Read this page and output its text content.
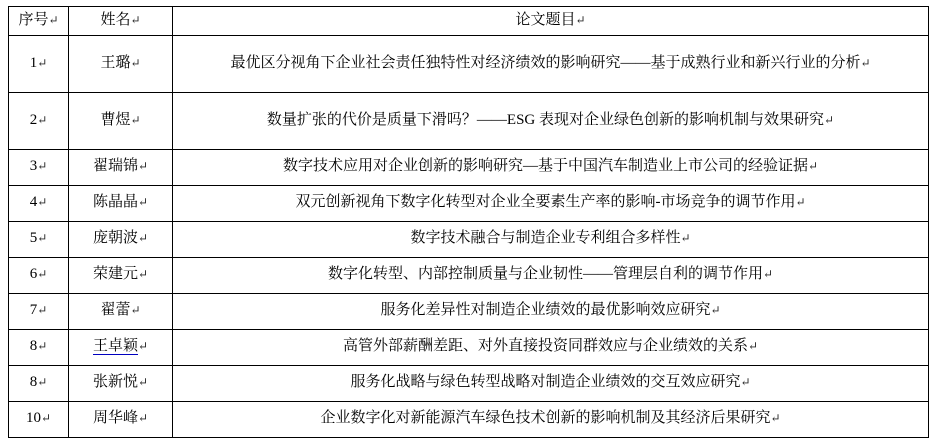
序号↵	姓名↵	论文题目↵
1↵	王璐↵	最优区分视角下企业社会责任独特性对经济绩效的影响研究——基于成熟行业和新兴行业的分析↵
2↵	曹煜↵	数量扩张的代价是质量下滑吗？——ESG 表现对企业绿色创新的影响机制与效果研究↵
3↵	翟瑞锦↵	数字技术应用对企业创新的影响研究—基于中国汽车制造业上市公司的经验证据↵
4↵	陈晶晶↵	双元创新视角下数字化转型对企业全要素生产率的影响-市场竞争的调节作用↵
5↵	庞朝波↵	数字技术融合与制造企业专利组合多样性↵
6↵	荣建元↵	数字化转型、内部控制质量与企业韧性——管理层自利的调节作用↵
7↵	翟蕾↵	服务化差异性对制造企业绩效的最优影响效应研究↵
8↵	王卓颖↵	高管外部薪酬差距、对外直接投资同群效应与企业绩效的关系↵
8↵	张新悦↵	服务化战略与绿色转型战略对制造企业绩效的交互效应研究↵
10↵	周华峰↵	企业数字化对新能源汽车绿色技术创新的影响机制及其经济后果研究↵
